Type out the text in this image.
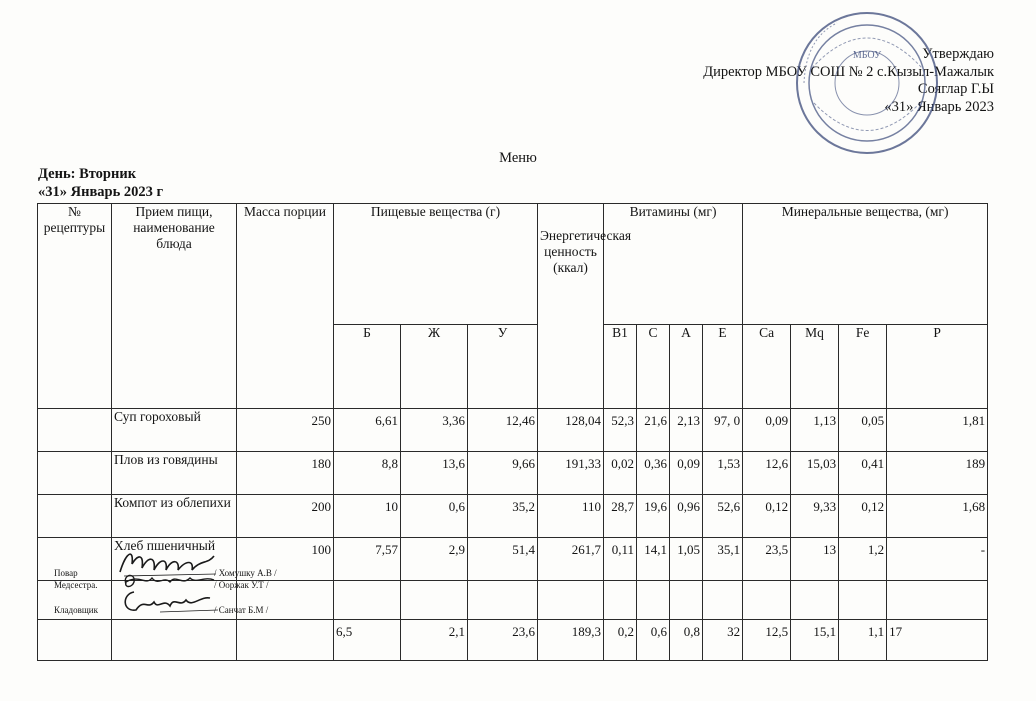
Утверждаю
Директор МБОУ СОШ № 2 с.Кызыл-Мажалык
Сояглар Г.Ы
«31» Январь 2023
МБОУ
Меню
День: Вторник
«31» Январь 2023 г
№ рецептуры	Прием пищи, наименование блюда	Масса порции	Пищевые вещества (г)			Энергетическая ценность (ккал)	Витамины (мг)				Минеральные вещества, (мг)			
			Б	Ж	У		В1	С	А	Е	Са	Мq	Fe	Р
	Суп гороховый	250	6,61	3,36	12,46	128,04	52,3	21,6	2,13	97, 0	0,09	1,13	0,05	1,81
	Плов из говядины	180	8,8	13,6	9,66	191,33	0,02	0,36	0,09	1,53	12,6	15,03	0,41	189
	Компот из облепихи	200	10	0,6	35,2	110	28,7	19,6	0,96	52,6	0,12	9,33	0,12	1,68
	Хлеб пшеничный	100	7,57	2,9	51,4	261,7	0,11	14,1	1,05	35,1	23,5	13	1,2	-

			6,5	2,1	23,6	189,3	0,2	0,6	0,8	32	12,5	15,1	1,1	17
Повар	/ Хомушку А.В /
Медсестра.	/ Ооржак У.Т /
Кладовщик	/ Санчат Б.М /
